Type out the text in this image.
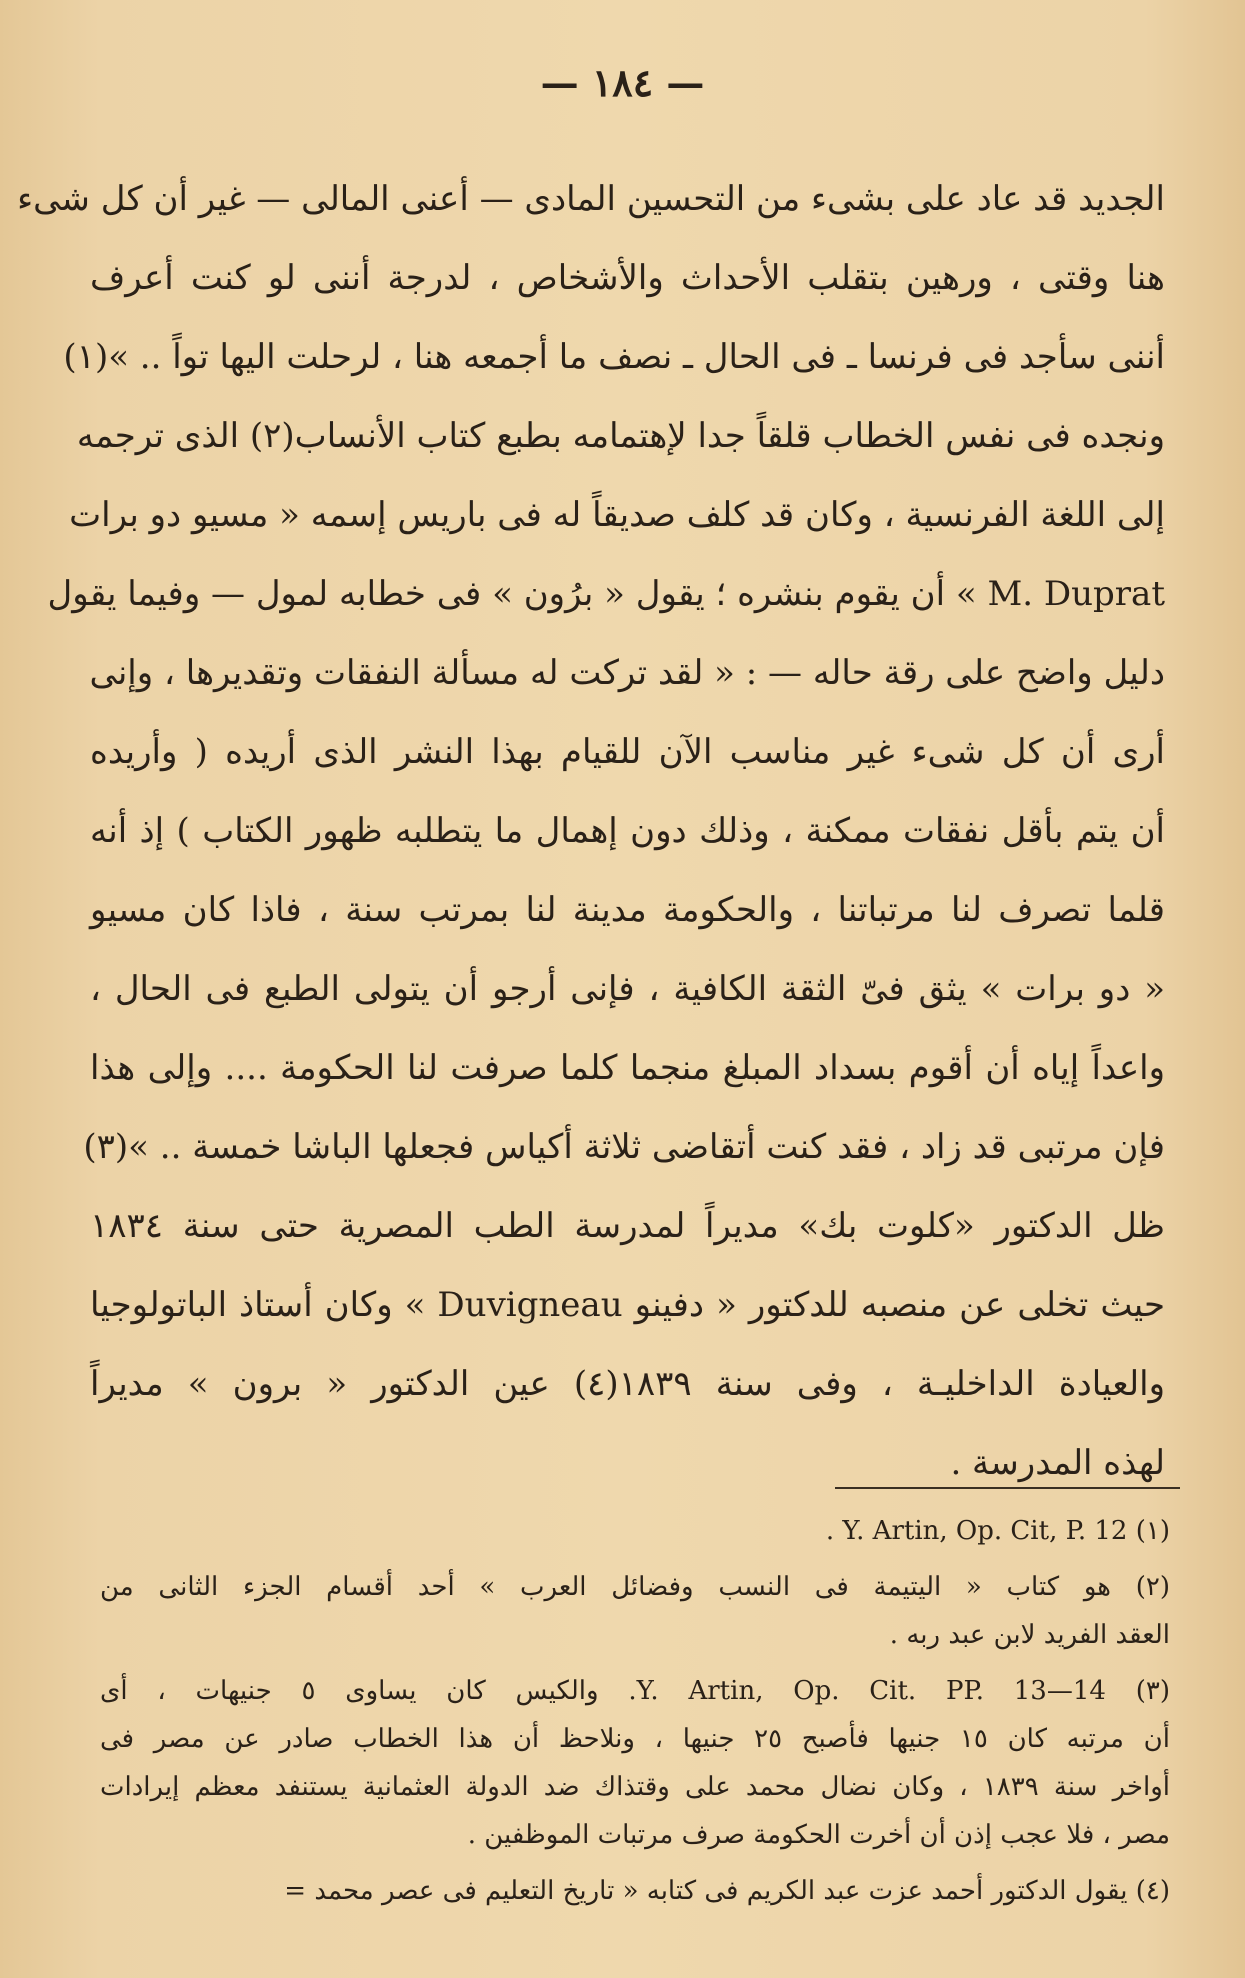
— ١٨٤ —
الجديد قد عاد على بشىء من التحسين المادى — أعنى المالى — غير أن كل شىء
هنا وقتى ، ورهين بتقلب الأحداث والأشخاص ، لدرجة أننى لو كنت أعرف
أننى سأجد فى فرنسا ـ فى الحال ـ نصف ما أجمعه هنا ، لرحلت اليها تواً .. »(١)
ونجده فى نفس الخطاب قلقاً جدا لإهتمامه بطبع كتاب الأنساب(٢) الذى ترجمه
إلى اللغة الفرنسية ، وكان قد كلف صديقاً له فى باريس إسمه « مسيو دو برات
M. Duprat » أن يقوم بنشره ؛ يقول « برُون » فى خطابه لمول — وفيما يقول
دليل واضح على رقة حاله — : « لقد تركت له مسألة النفقات وتقديرها ، وإنى
أرى أن كل شىء غير مناسب الآن للقيام بهذا النشر الذى أريده ( وأريده
أن يتم بأقل نفقات ممكنة ، وذلك دون إهمال ما يتطلبه ظهور الكتاب ) إذ أنه
قلما تصرف لنا مرتباتنا ، والحكومة مدينة لنا بمرتب سنة ، فاذا كان مسيو
« دو برات » يثق فىّ الثقة الكافية ، فإنى أرجو أن يتولى الطبع فى الحال ،
واعداً إياه أن أقوم بسداد المبلغ منجما كلما صرفت لنا الحكومة .... وإلى هذا
فإن مرتبى قد زاد ، فقد كنت أتقاضى ثلاثة أكياس فجعلها الباشا خمسة .. »(٣)
ظل الدكتور «كلوت بك» مديراً لمدرسة الطب المصرية حتى سنة ١٨٣٤
حيث تخلى عن منصبه للدكتور « دفينو Duvigneau » وكان أستاذ الباتولوجيا
والعيادة الداخليـة ، وفى سنة ١٨٣٩(٤) عين الدكتور « برون » مديراً
لهذه المدرسة .
(١) Y. Artin, Op. Cit, P. 12 .
(٢) هو كتاب « اليتيمة فى النسب وفضائل العرب » أحد أقسام الجزء الثانى من
العقد الفريد لابن عبد ربه .
(٣) Y. Artin, Op. Cit. PP. 13—14. والكيس كان يساوى ٥ جنيهات ، أى
أن مرتبه كان ١٥ جنيها فأصبح ٢٥ جنيها ، ونلاحظ أن هذا الخطاب صادر عن مصر فى
أواخر سنة ١٨٣٩ ، وكان نضال محمد على وقتذاك ضد الدولة العثمانية يستنفد معظم إيرادات
مصر ، فلا عجب إذن أن أخرت الحكومة صرف مرتبات الموظفين .
(٤) يقول الدكتور أحمد عزت عبد الكريم فى كتابه « تاريخ التعليم فى عصر محمد =
